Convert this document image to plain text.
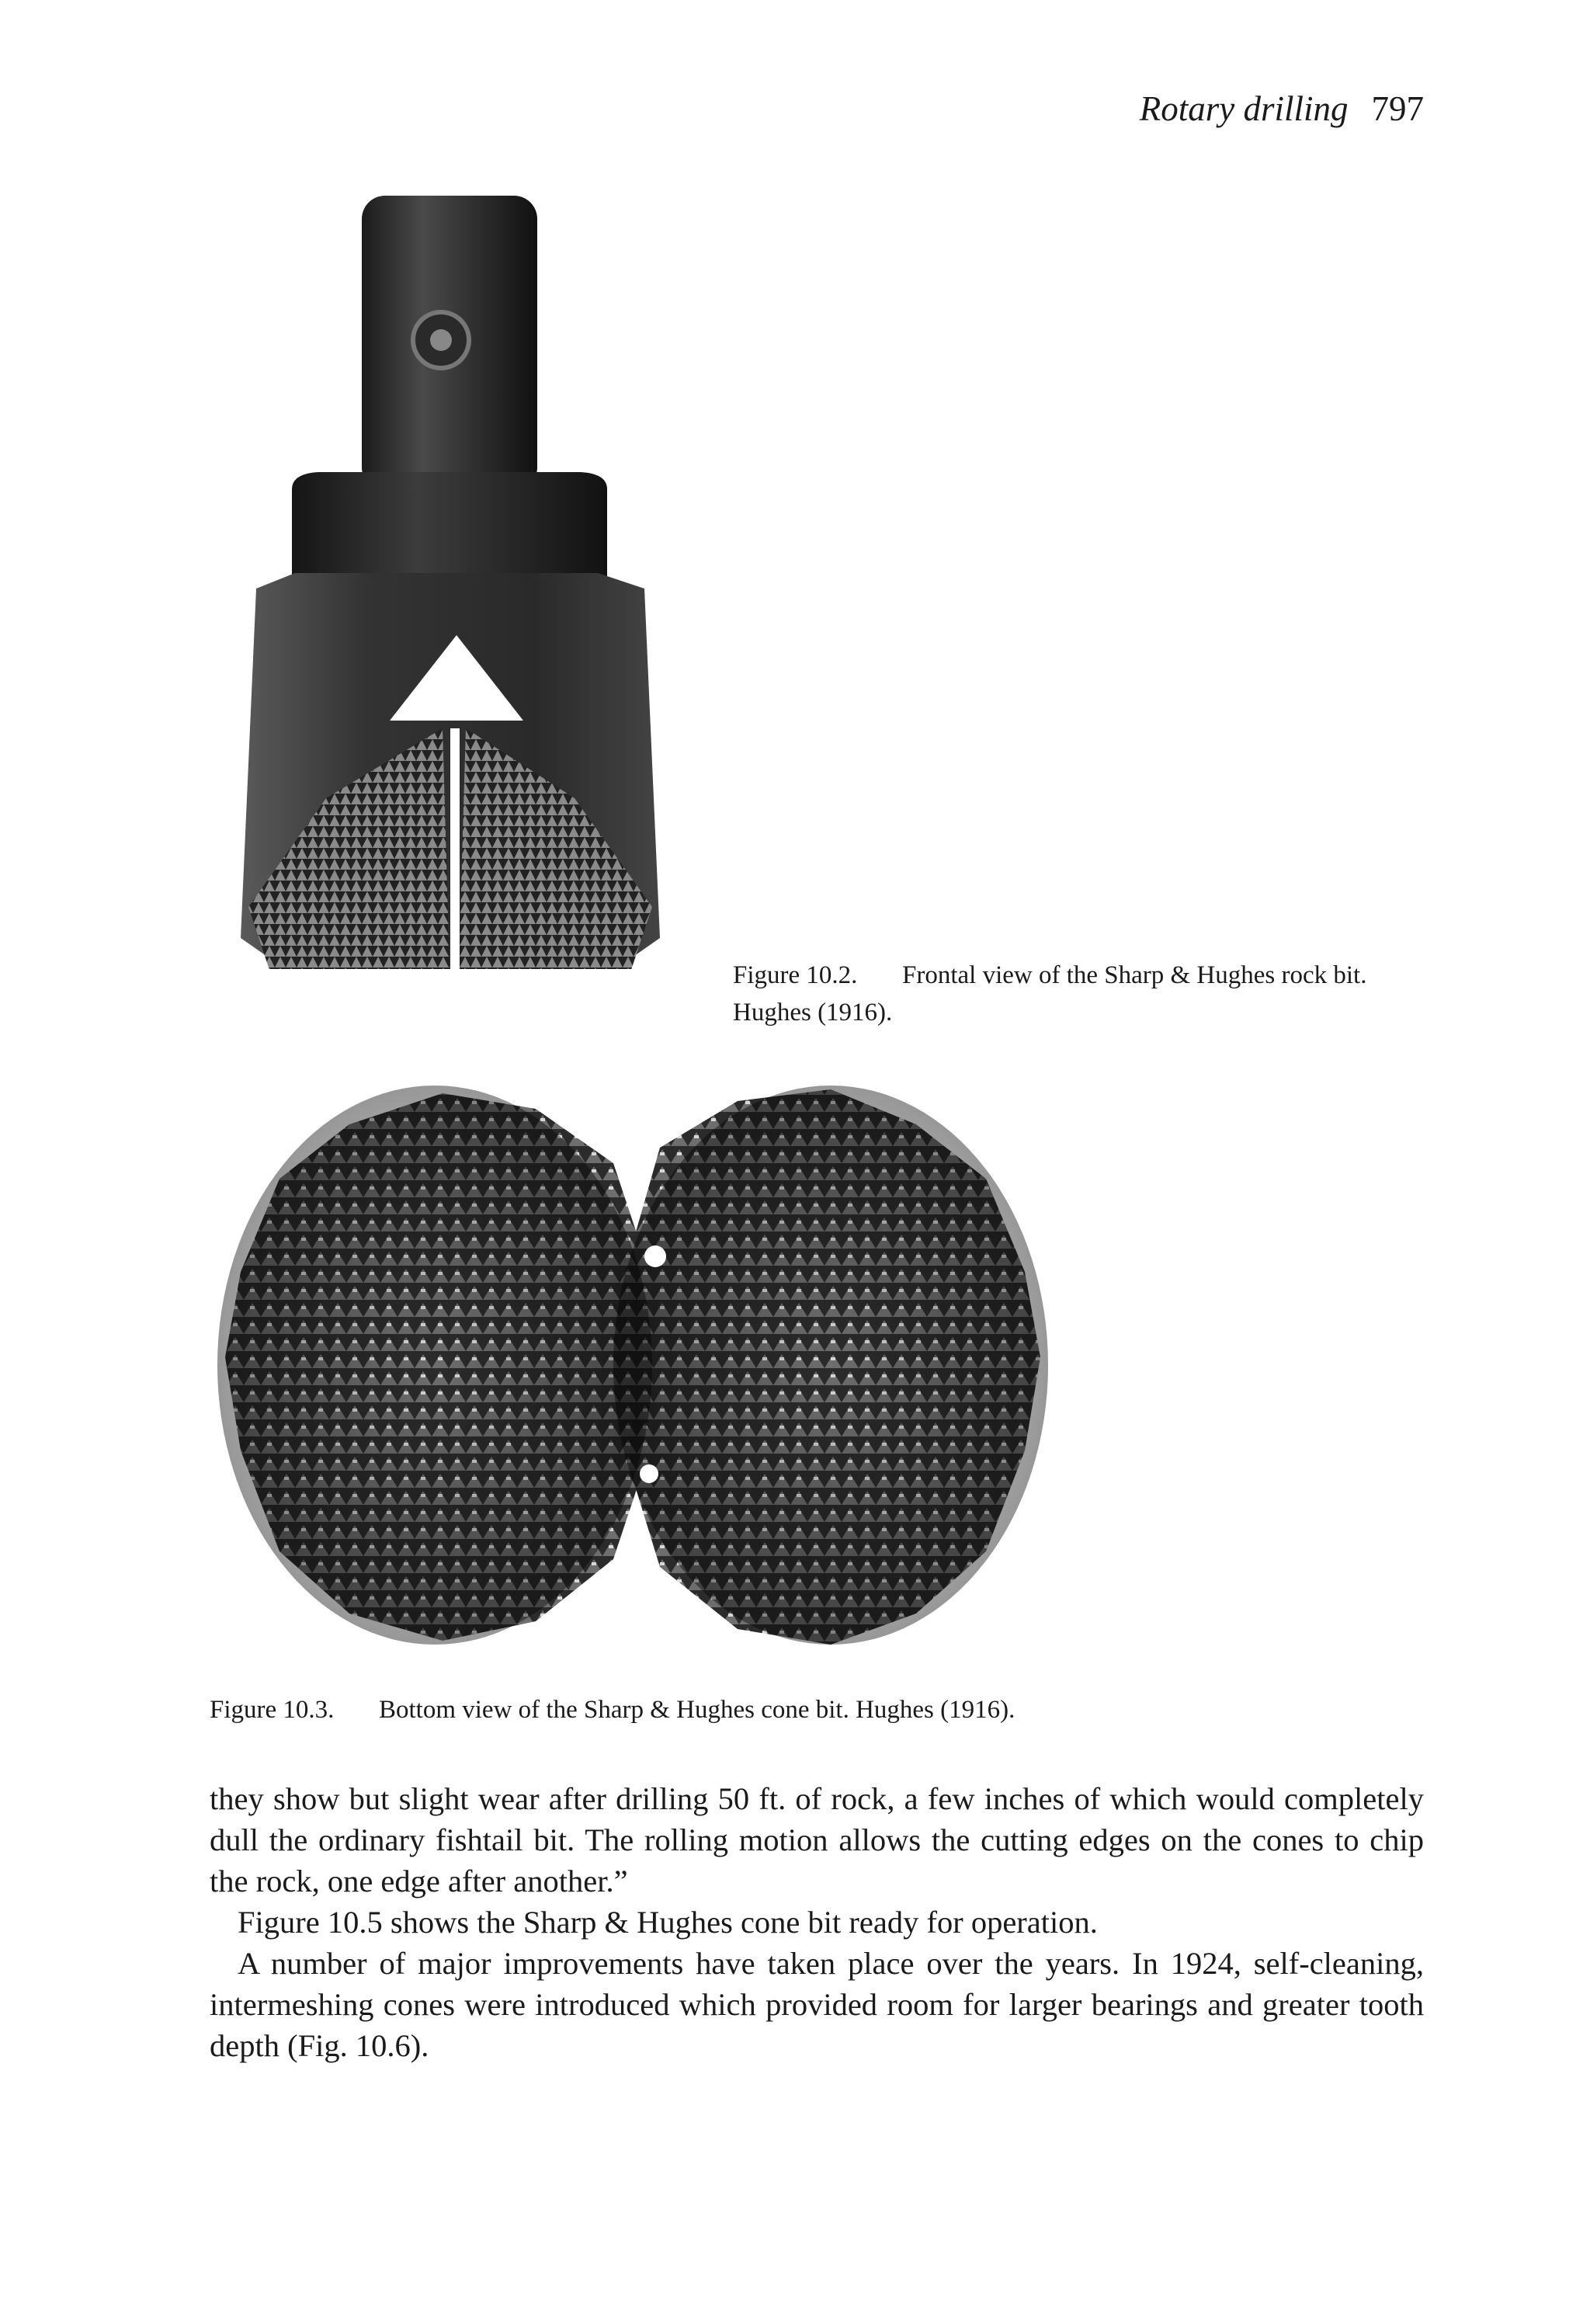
Rotary drilling 797
Figure 10.2. Frontal view of the Sharp & Hughes rock bit.
Hughes (1916).
Figure 10.3. Bottom view of the Sharp & Hughes cone bit. Hughes (1916).

they show but slight wear after drilling 50 ft. of rock, a few inches of which would completely dull the ordinary fishtail bit. The rolling motion allows the cutting edges on the cones to chip the rock, one edge after another.”

Figure 10.5 shows the Sharp & Hughes cone bit ready for operation.

A number of major improvements have taken place over the years. In 1924, self-cleaning, intermeshing cones were introduced which provided room for larger bearings and greater tooth depth (Fig. 10.6).
